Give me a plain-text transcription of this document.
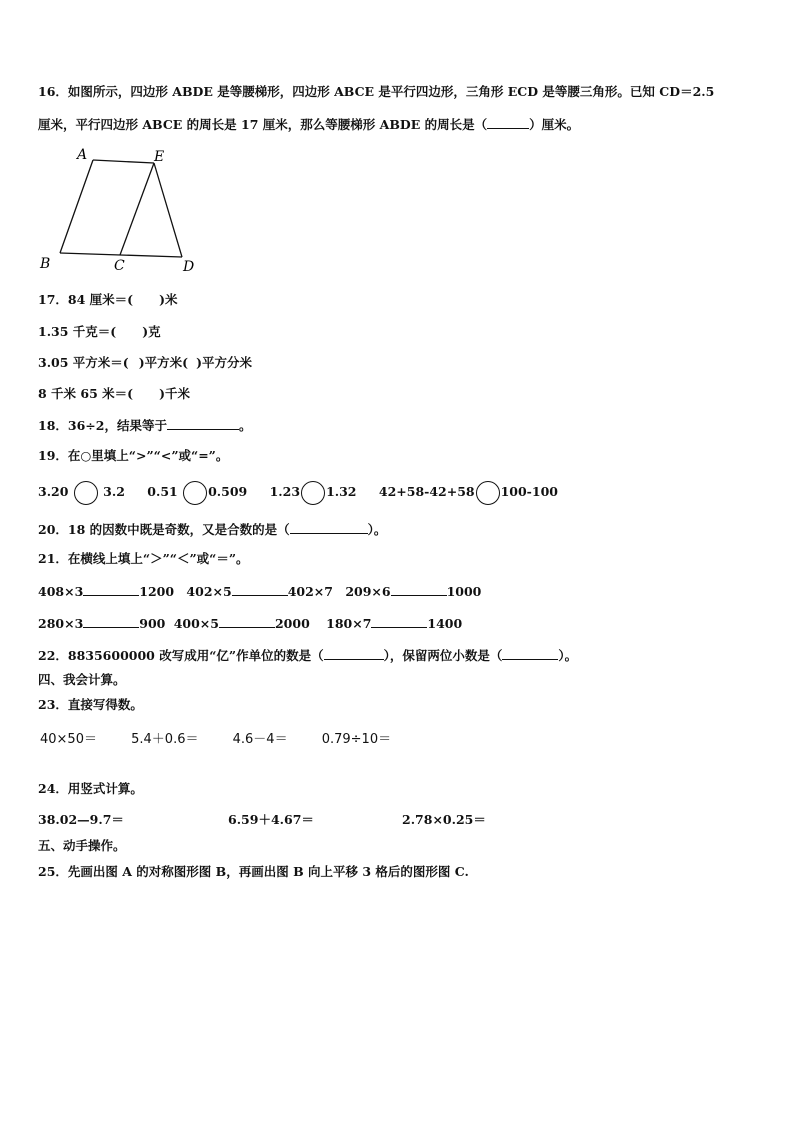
16．如图所示，四边形 ABDE 是等腰梯形，四边形 ABCE 是平行四边形，三角形 ECD 是等腰三角形。已知 CD＝2.5
厘米，平行四边形 ABCE 的周长是 17 厘米，那么等腰梯形 ABDE 的周长是（	）厘米。
A	E
B	C	D
17．84 厘米＝( )米
1.35 千克＝( )克
3.05 平方米＝( )平方米( )平方分米
8 千米 65 米＝( )千米
18．36÷2，结果等于	。
19．在○里填上“>”“<”或“=”。
3.20	3.2 0.51 0.509 1.23 1.32 42+58-42+58 100-100
20．18 的因数中既是奇数，又是合数的是（	）。
21．在横线上填上“＞”“＜”或“＝”。
408×3	1200 402×5	402×7 209×6	1000
280×3	900 400×5	2000 180×7	1400
22．8835600000 改写成用“亿”作单位的数是（	），保留两位小数是（	）。
四、我会计算。
23．直接写得数。
40×50＝	5.4＋0.6＝	4.6－4＝	0.79÷10＝
24．用竖式计算。
38.02—9.7＝	6.59＋4.67＝	2.78×0.25＝
五、动手操作。
25．先画出图 A 的对称图形图 B，再画出图 B 向上平移 3 格后的图形图 C.
